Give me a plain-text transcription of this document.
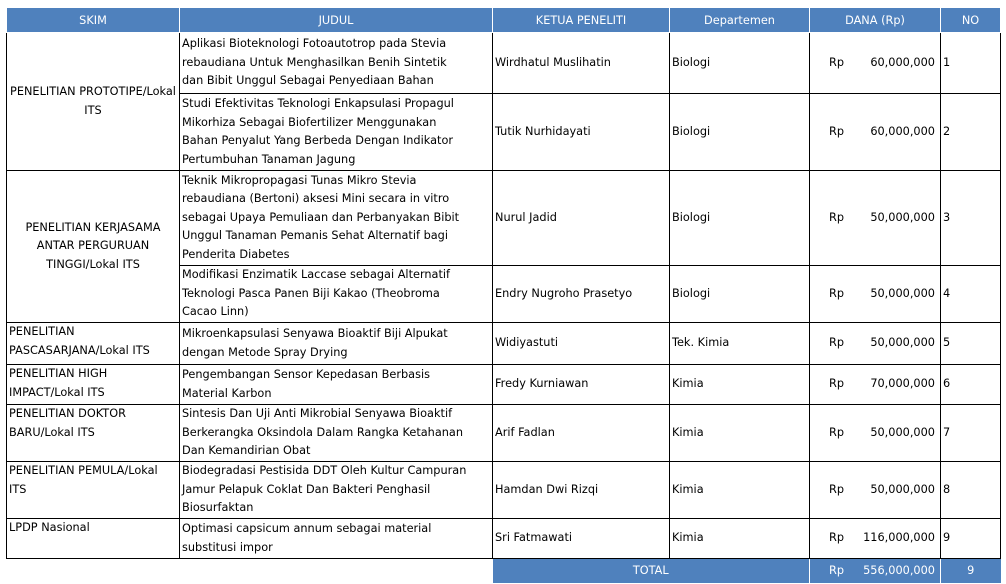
SKIM	JUDUL	KETUA PENELITI	Departemen	DANA (Rp)	NO
PENELITIAN PROTOTIPE/Lokal ITS	Aplikasi Bioteknologi Fotoautotrop pada Stevia
rebaudiana Untuk Menghasilkan Benih Sintetik
dan Bibit Unggul Sebagai Penyediaan Bahan	Wirdhatul Muslihatin	Biologi	Rp 60,000,000	1
	Studi Efektivitas Teknologi Enkapsulasi Propagul
Mikorhiza Sebagai Biofertilizer Menggunakan
Bahan Penyalut Yang Berbeda Dengan Indikator
Pertumbuhan Tanaman Jagung	Tutik Nurhidayati	Biologi	Rp 60,000,000	2
PENELITIAN KERJASAMA ANTAR PERGURUAN TINGGI/Lokal ITS	Teknik Mikropropagasi Tunas Mikro Stevia
rebaudiana (Bertoni) aksesi Mini secara in vitro
sebagai Upaya Pemuliaan dan Perbanyakan Bibit
Unggul Tanaman Pemanis Sehat Alternatif bagi
Penderita Diabetes	Nurul Jadid	Biologi	Rp 50,000,000	3
	Modifikasi Enzimatik Laccase sebagai Alternatif
Teknologi Pasca Panen Biji Kakao (Theobroma
Cacao Linn)	Endry Nugroho Prasetyo	Biologi	Rp 50,000,000	4
PENELITIAN PASCASARJANA/Lokal ITS	Mikroenkapsulasi Senyawa Bioaktif Biji Alpukat
dengan Metode Spray Drying	Widiyastuti	Tek. Kimia	Rp 50,000,000	5
PENELITIAN HIGH IMPACT/Lokal ITS	Pengembangan Sensor Kepedasan Berbasis
Material Karbon	Fredy Kurniawan	Kimia	Rp 70,000,000	6
PENELITIAN DOKTOR BARU/Lokal ITS	Sintesis Dan Uji Anti Mikrobial Senyawa Bioaktif
Berkerangka Oksindola Dalam Rangka Ketahanan
Dan Kemandirian Obat	Arif Fadlan	Kimia	Rp 50,000,000	7
PENELITIAN PEMULA/Lokal ITS	Biodegradasi Pestisida DDT Oleh Kultur Campuran
Jamur Pelapuk Coklat Dan Bakteri Penghasil
Biosurfaktan	Hamdan Dwi Rizqi	Kimia	Rp 50,000,000	8
LPDP Nasional	Optimasi capsicum annum sebagai material
substitusi impor	Sri Fatmawati	Kimia	Rp 116,000,000	9
		TOTAL		Rp 556,000,000	9
